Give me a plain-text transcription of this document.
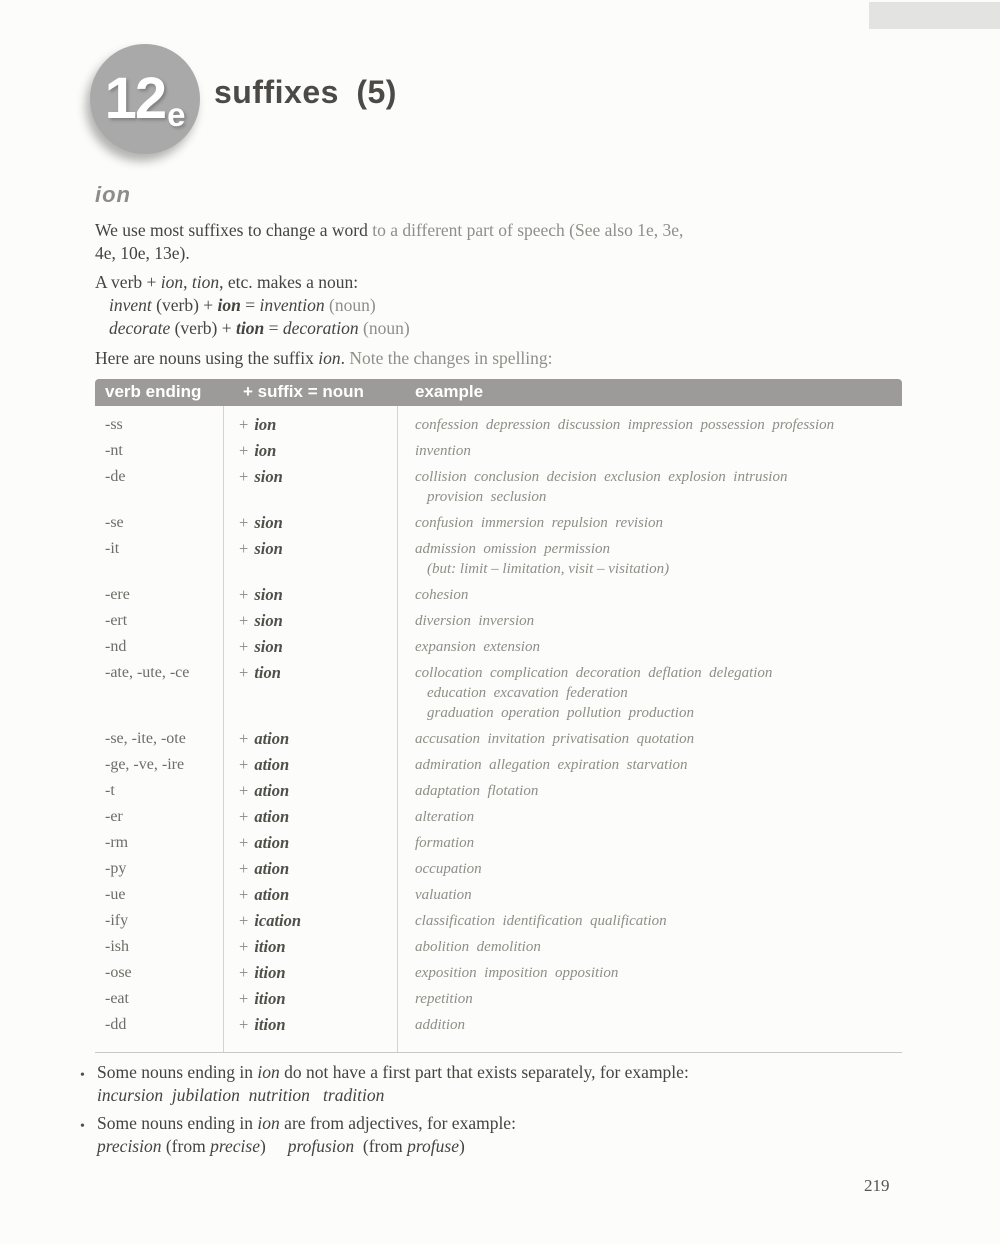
12 e
suffixes (5)
ion
We use most suffixes to change a word to a different part of speech (See also 1e, 3e,
4e, 10e, 13e).
A verb + ion, tion, etc. makes a noun:
invent (verb) + ion = invention (noun)
decorate (verb) + tion = decoration (noun)
Here are nouns using the suffix ion. Note the changes in spelling:
verb ending + suffix = noun	example
-ss	+ ion	confession  depression  discussion  impression  possession  profession
-nt	+ ion	invention
-de	+ sion	collision  conclusion  decision  exclusion  explosion  intrusion
provision  seclusion
-se	+ sion	confusion  immersion  repulsion  revision
-it	+ sion	admission  omission  permission
(but: limit – limitation, visit – visitation)
-ere	+ sion	cohesion
-ert	+ sion	diversion  inversion
-nd	+ sion	expansion  extension
-ate, -ute, -ce	+ tion	collocation  complication  decoration  deflation  delegation
education  excavation  federation
graduation  operation  pollution  production
-se, -ite, -ote	+ ation	accusation  invitation  privatisation  quotation
-ge, -ve, -ire	+ ation	admiration  allegation  expiration  starvation
-t	+ ation	adaptation  flotation
-er	+ ation	alteration
-rm	+ ation	formation
-py	+ ation	occupation
-ue	+ ation	valuation
-ify	+ ication	classification  identification  qualification
-ish	+ ition	abolition  demolition
-ose	+ ition	exposition  imposition  opposition
-eat	+ ition	repetition
-dd	+ ition	addition
• Some nouns ending in ion do not have a first part that exists separately, for example:
incursion  jubilation  nutrition   tradition
• Some nouns ending in ion are from adjectives, for example:
precision (from precise) profusion  (from profuse)
219
